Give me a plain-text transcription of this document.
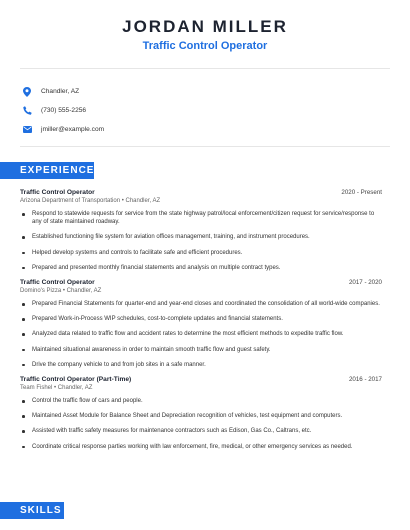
JORDAN MILLER
Traffic Control Operator
Chandler, AZ
(730) 555-2256
jmiller@example.com
EXPERIENCE
Traffic Control Operator	2020 - Present
Arizona Department of Transportation • Chandler, AZ
Respond to statewide requests for service from the state highway patrol/local enforcement/citizen request for service/response to any of state maintained roadway.
Established functioning file system for aviation offices management, training, and instrument procedures.
Helped develop systems and controls to facilitate safe and efficient procedures.
Prepared and presented monthly financial statements and analysis on multiple contract types.
Traffic Control Operator	2017 - 2020
Domino's Pizza • Chandler, AZ
Prepared Financial Statements for quarter-end and year-end closes and coordinated the consolidation of all world-wide companies.
Prepared Work-in-Process WIP schedules, cost-to-complete updates and financial statements.
Analyzed data related to traffic flow and accident rates to determine the most efficient methods to expedite traffic flow.
Maintained situational awareness in order to maintain smooth traffic flow and guest safety.
Drive the company vehicle to and from job sites in a safe manner.
Traffic Control Operator (Part-Time)	2016 - 2017
Team Fishel • Chandler, AZ
Control the traffic flow of cars and people.
Maintained Asset Module for Balance Sheet and Depreciation recognition of vehicles, test equipment and computers.
Assisted with traffic safety measures for maintenance contractors such as Edison, Gas Co., Caltrans, etc.
Coordinate critical response parties working with law enforcement, fire, medical, or other emergency services as needed.
SKILLS
